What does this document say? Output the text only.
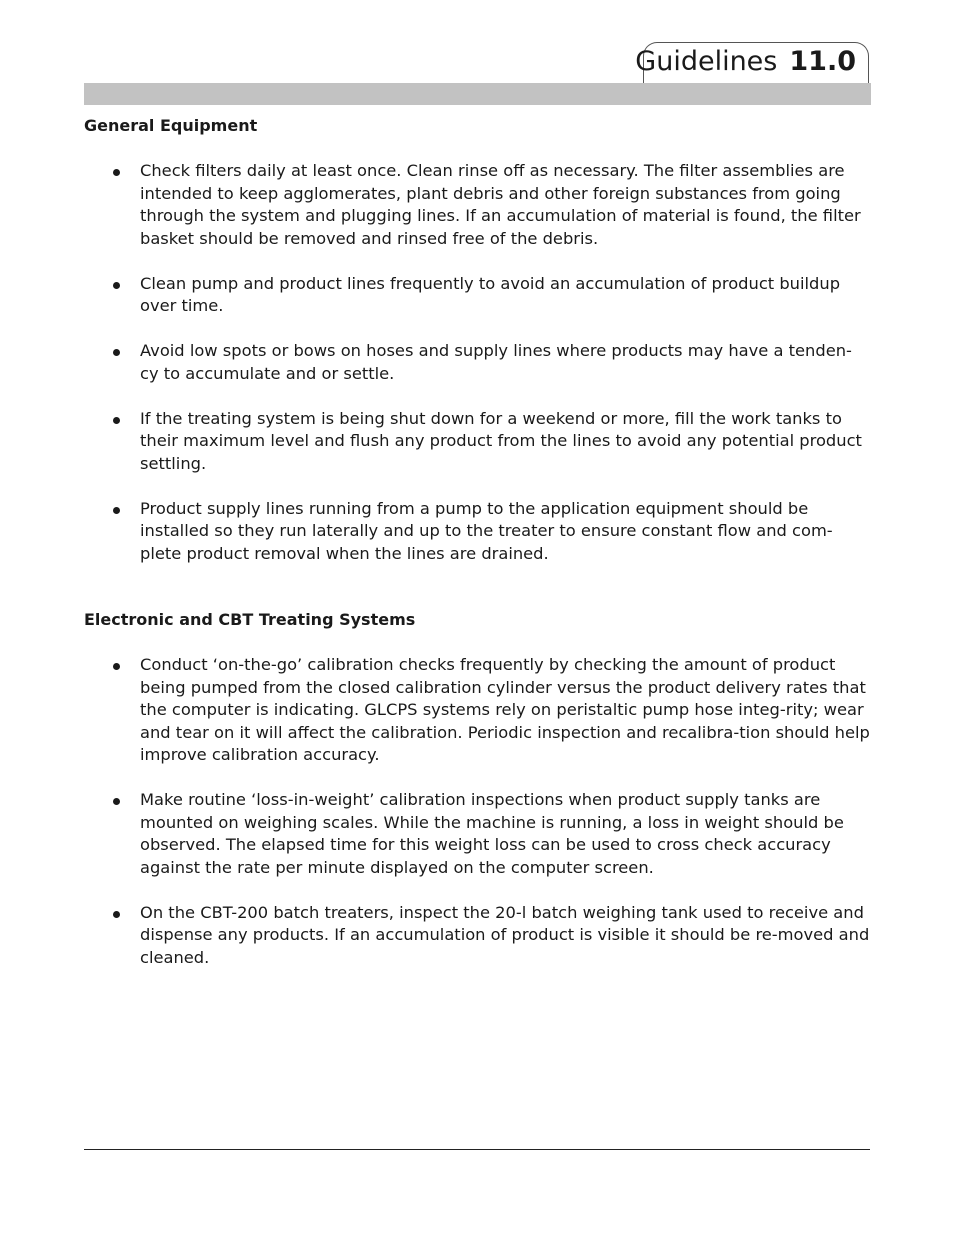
Guidelines 11.0
General Equipment
Check filters daily at least once. Clean rinse off as necessary. The filter assemblies are intended to keep agglomerates, plant debris and other foreign substances from going through the system and plugging lines. If an accumulation of material is found, the filter basket should be removed and rinsed free of the debris.
Clean pump and product lines frequently to avoid an accumulation of product buildup over time.
Avoid low spots or bows on hoses and supply lines where products may have a tenden-cy to accumulate and or settle.
If the treating system is being shut down for a weekend or more, fill the work tanks to their maximum level and flush any product from the lines to avoid any potential product settling.
Product supply lines running from a pump to the application equipment should be installed so they run laterally and up to the treater to ensure constant flow and com-plete product removal when the lines are drained.
Electronic and CBT Treating Systems
Conduct ‘on-the-go’ calibration checks frequently by checking the amount of product being pumped from the closed calibration cylinder versus the product delivery rates that the computer is indicating. GLCPS systems rely on peristaltic pump hose integ-rity; wear and tear on it will affect the calibration. Periodic inspection and recalibra-tion should help improve calibration accuracy.
Make routine ‘loss-in-weight’ calibration inspections when product supply tanks are mounted on weighing scales. While the machine is running, a loss in weight should be observed. The elapsed time for this weight loss can be used to cross check accuracy against the rate per minute displayed on the computer screen.
On the CBT-200 batch treaters, inspect the 20-l batch weighing tank used to receive and dispense any products. If an accumulation of product is visible it should be re-moved and cleaned.
